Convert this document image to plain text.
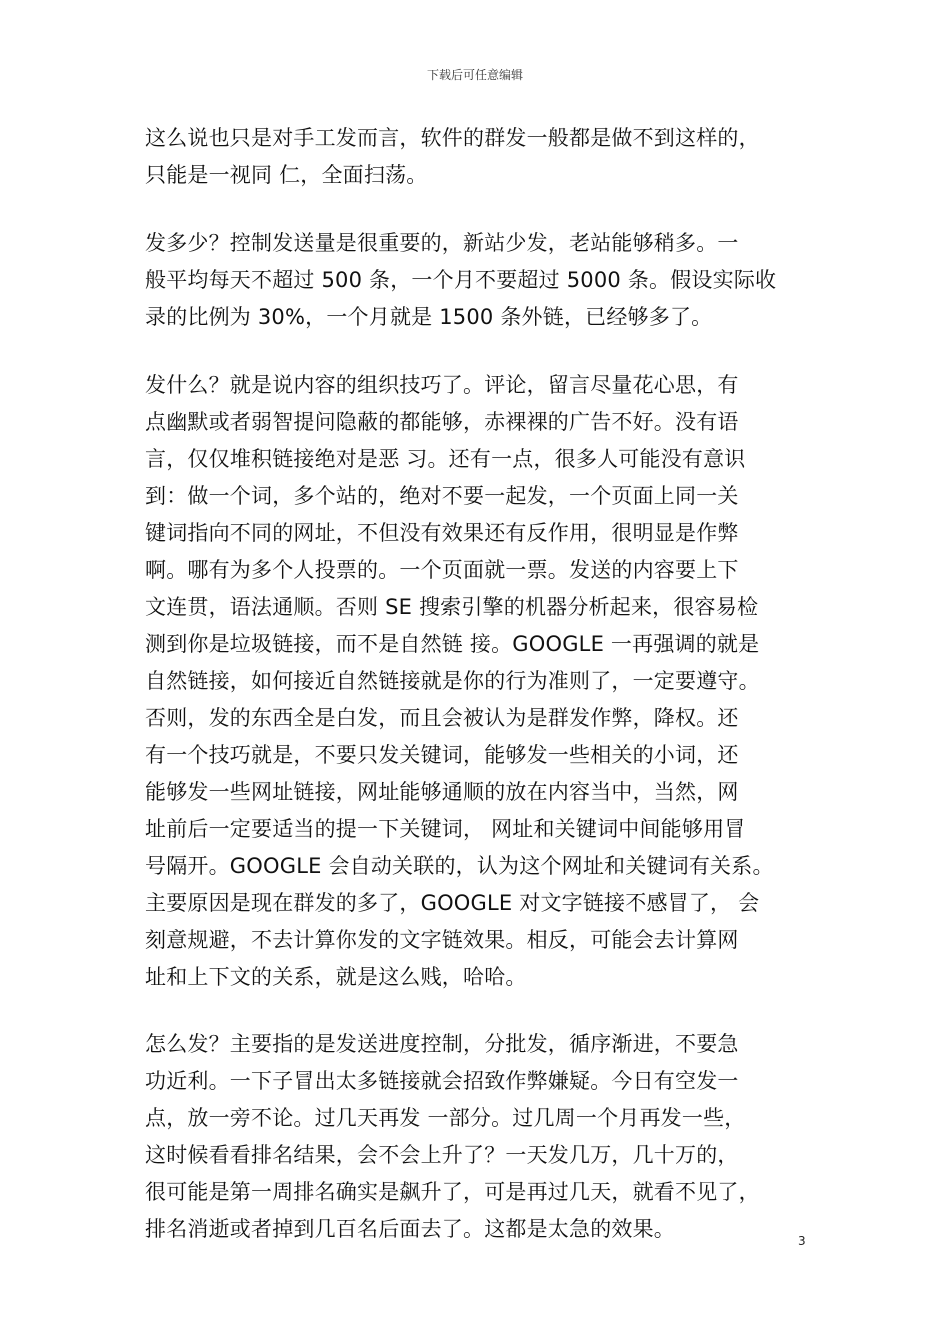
下载后可任意编辑
这么说也只是对手工发而言，软件的群发一般都是做不到这样的，
只能是一视同 仁，全面扫荡。
发多少？控制发送量是很重要的，新站少发，老站能够稍多。一
般平均每天不超过 500 条，一个月不要超过 5000 条。假设实际收
录的比例为 30%，一个月就是 1500 条外链，已经够多了。
发什么？就是说内容的组织技巧了。评论，留言尽量花心思，有
点幽默或者弱智提问隐蔽的都能够，赤裸裸的广告不好。没有语
言，仅仅堆积链接绝对是恶 习。还有一点，很多人可能没有意识
到：做一个词，多个站的，绝对不要一起发，一个页面上同一关
键词指向不同的网址，不但没有效果还有反作用，很明显是作弊
啊。哪有为多个人投票的。一个页面就一票。发送的内容要上下
文连贯，语法通顺。否则 SE 搜索引擎的机器分析起来，很容易检
测到你是垃圾链接，而不是自然链 接。GOOGLE 一再强调的就是
自然链接，如何接近自然链接就是你的行为准则了，一定要遵守。
否则，发的东西全是白发，而且会被认为是群发作弊，降权。还
有一个技巧就是，不要只发关键词，能够发一些相关的小词，还
能够发一些网址链接，网址能够通顺的放在内容当中，当然，网
址前后一定要适当的提一下关键词， 网址和关键词中间能够用冒
号隔开。GOOGLE 会自动关联的，认为这个网址和关键词有关系。
主要原因是现在群发的多了，GOOGLE 对文字链接不感冒了， 会
刻意规避，不去计算你发的文字链效果。相反，可能会去计算网
址和上下文的关系，就是这么贱，哈哈。
怎么发？主要指的是发送进度控制，分批发，循序渐进，不要急
功近利。一下子冒出太多链接就会招致作弊嫌疑。今日有空发一
点，放一旁不论。过几天再发 一部分。过几周一个月再发一些，
这时候看看排名结果，会不会上升了？一天发几万，几十万的，
很可能是第一周排名确实是飙升了，可是再过几天，就看不见了，
排名消逝或者掉到几百名后面去了。这都是太急的效果。	3
